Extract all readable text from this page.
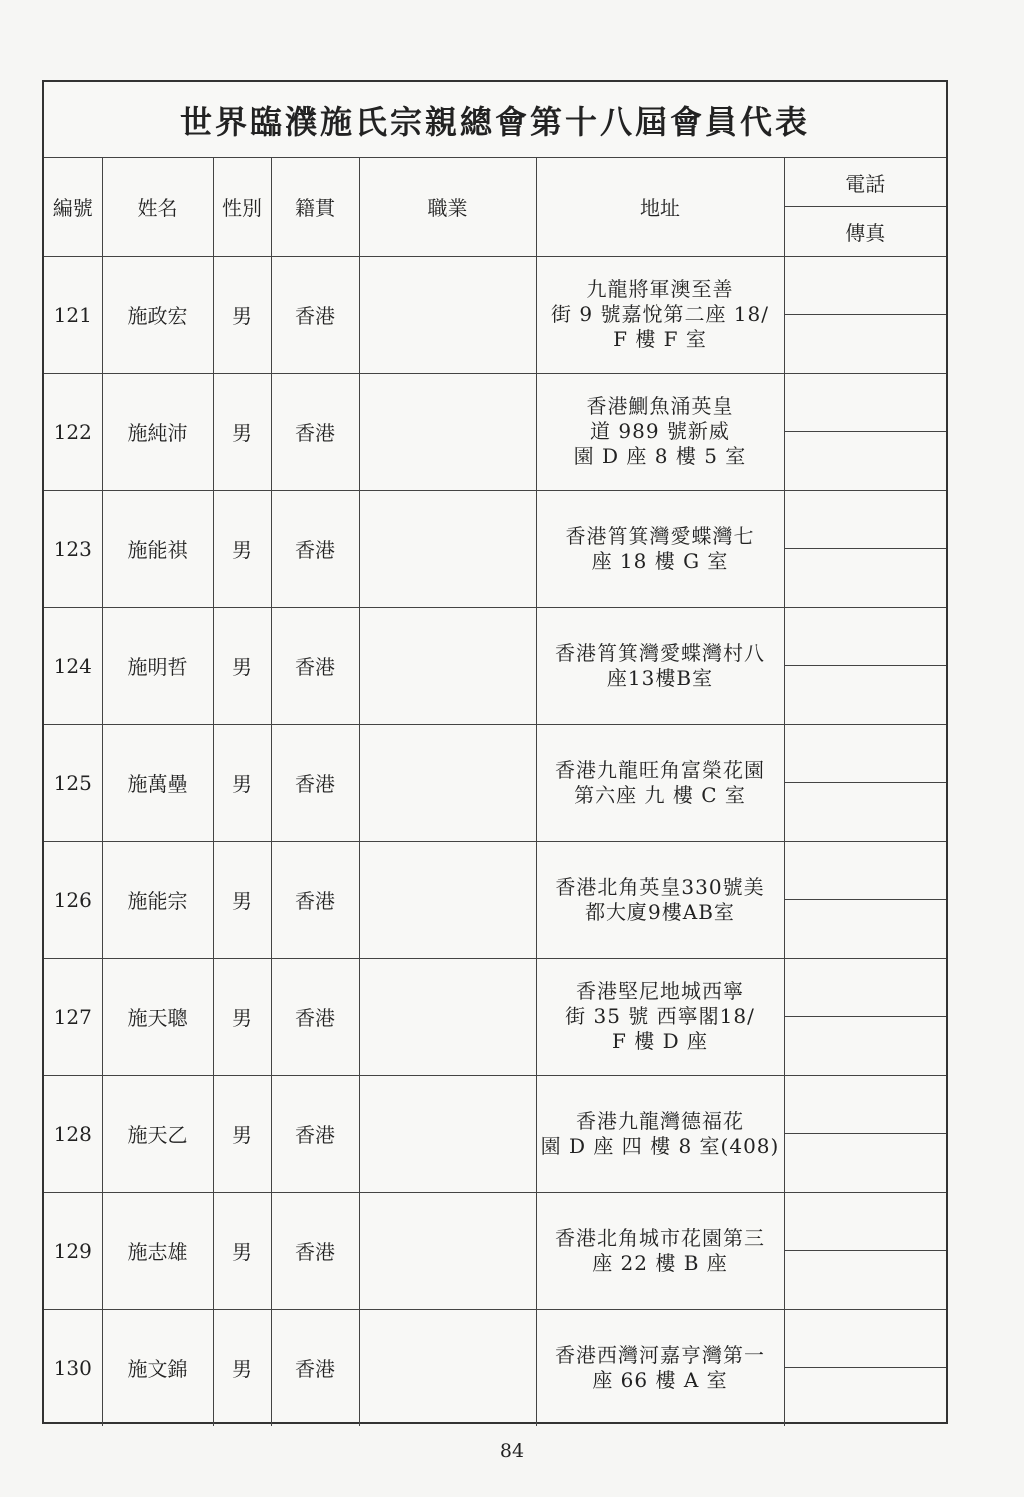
世界臨濮施氏宗親總會第十八屆會員代表
編號	姓名	性別	籍貫	職業	地址	電話
傳真

121	施政宏	男	香港		九龍將軍澳至善
街 9 號嘉悅第二座 18/
F 樓 F 室	

122	施純沛	男	香港		香港鰂魚涌英皇
道 989 號新威
園 D 座 8 樓 5 室	

123	施能祺	男	香港		香港筲箕灣愛蝶灣七
座 18 樓 G 室	

124	施明哲	男	香港		香港筲箕灣愛蝶灣村八
座13樓B室	

125	施萬壘	男	香港		香港九龍旺角富榮花園
第六座 九 樓 C 室	

126	施能宗	男	香港		香港北角英皇330號美
都大廈9樓AB室	

127	施天聰	男	香港		香港堅尼地城西寧
街 35 號 西寧閣18/
F 樓 D 座	

128	施天乙	男	香港		香港九龍灣德福花
園 D 座 四 樓 8 室(408)	

129	施志雄	男	香港		香港北角城市花園第三
座 22 樓 B 座	

130	施文錦	男	香港		香港西灣河嘉亨灣第一
座 66 樓 A 室	
84
